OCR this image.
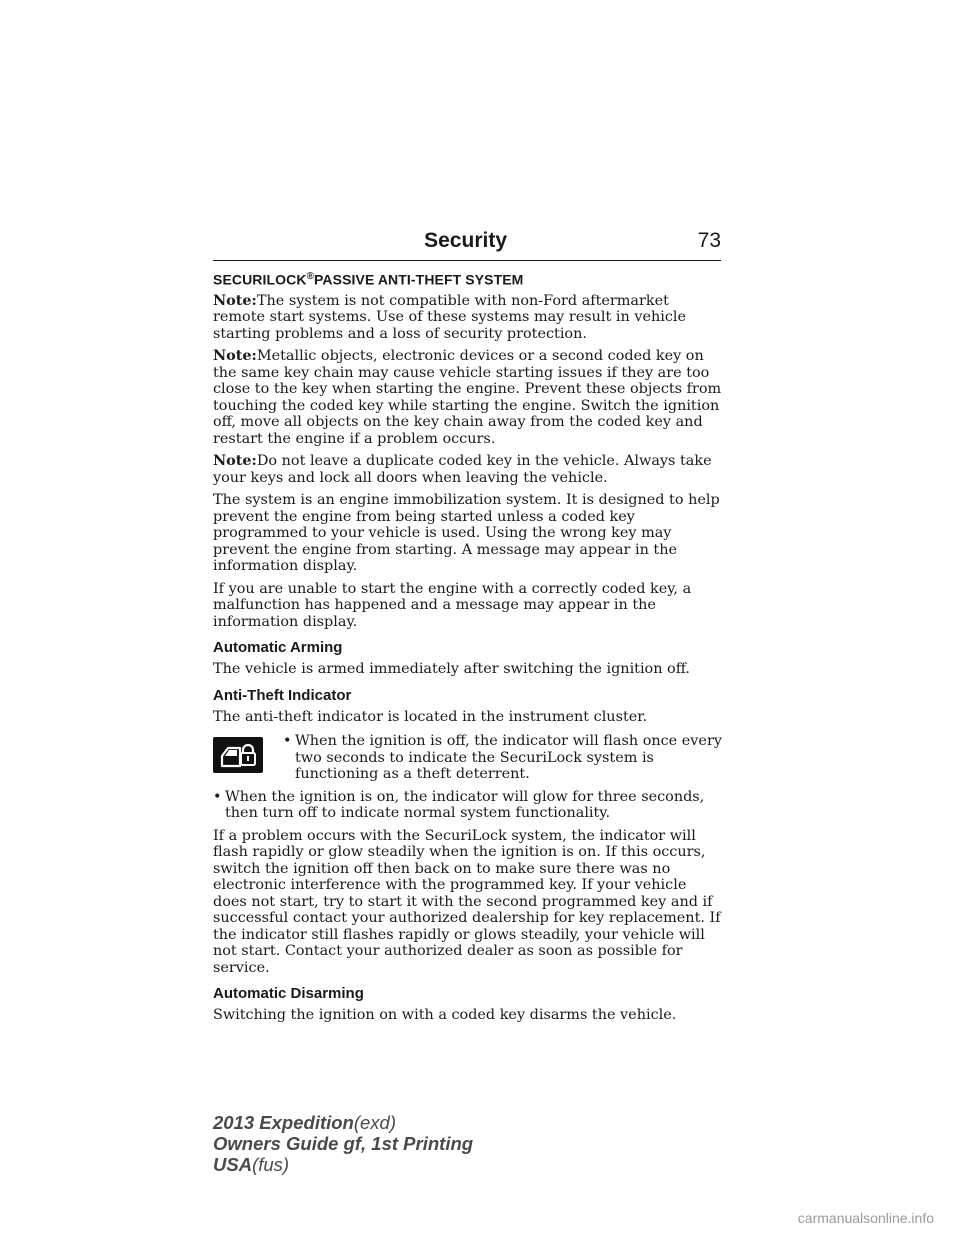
Security	73
SECURILOCK®PASSIVE ANTI-THEFT SYSTEM

Note:The system is not compatible with non-Ford aftermarket remote start systems. Use of these systems may result in vehicle starting problems and a loss of security protection.

Note:Metallic objects, electronic devices or a second coded key on the same key chain may cause vehicle starting issues if they are too close to the key when starting the engine. Prevent these objects from touching the coded key while starting the engine. Switch the ignition off, move all objects on the key chain away from the coded key and restart the engine if a problem occurs.

Note:Do not leave a duplicate coded key in the vehicle. Always take your keys and lock all doors when leaving the vehicle.

The system is an engine immobilization system. It is designed to help prevent the engine from being started unless a coded key programmed to your vehicle is used. Using the wrong key may prevent the engine from starting. A message may appear in the information display.

If you are unable to start the engine with a correctly coded key, a malfunction has happened and a message may appear in the information display.

Automatic Arming

The vehicle is armed immediately after switching the ignition off.

Anti-Theft Indicator

The anti-theft indicator is located in the instrument cluster.

• When the ignition is off, the indicator will flash once every two seconds to indicate the SecuriLock system is functioning as a theft deterrent.
• When the ignition is on, the indicator will glow for three seconds, then turn off to indicate normal system functionality.

If a problem occurs with the SecuriLock system, the indicator will flash rapidly or glow steadily when the ignition is on. If this occurs, switch the ignition off then back on to make sure there was no electronic interference with the programmed key. If your vehicle does not start, try to start it with the second programmed key and if successful contact your authorized dealership for key replacement. If the indicator still flashes rapidly or glows steadily, your vehicle will not start. Contact your authorized dealer as soon as possible for service.

Automatic Disarming

Switching the ignition on with a coded key disarms the vehicle.

2013 Expedition(exd)
Owners Guide gf, 1st Printing
USA(fus)
carmanualsonline.info
